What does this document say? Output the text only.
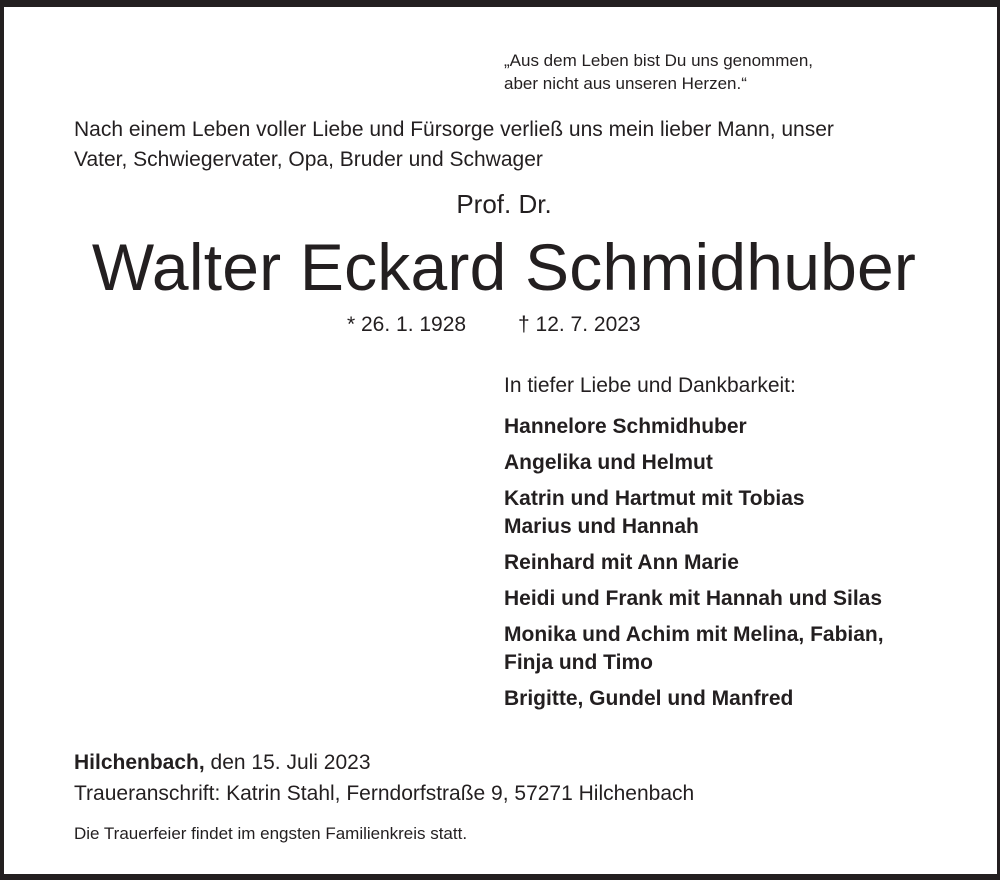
„Aus dem Leben bist Du uns genommen,
aber nicht aus unseren Herzen.“
Nach einem Leben voller Liebe und Fürsorge verließ uns mein lieber Mann, unser
Vater, Schwiegervater, Opa, Bruder und Schwager
Prof. Dr.
Walter Eckard Schmidhuber
* 26. 1. 1928 † 12. 7. 2023
In tiefer Liebe und Dankbarkeit:
Hannelore Schmidhuber
Angelika und Helmut
Katrin und Hartmut mit Tobias
Marius und Hannah
Reinhard mit Ann Marie
Heidi und Frank mit Hannah und Silas
Monika und Achim mit Melina, Fabian,
Finja und Timo
Brigitte, Gundel und Manfred
Hilchenbach, den 15. Juli 2023
Traueranschrift: Katrin Stahl, Ferndorfstraße 9, 57271 Hilchenbach
Die Trauerfeier findet im engsten Familienkreis statt.
